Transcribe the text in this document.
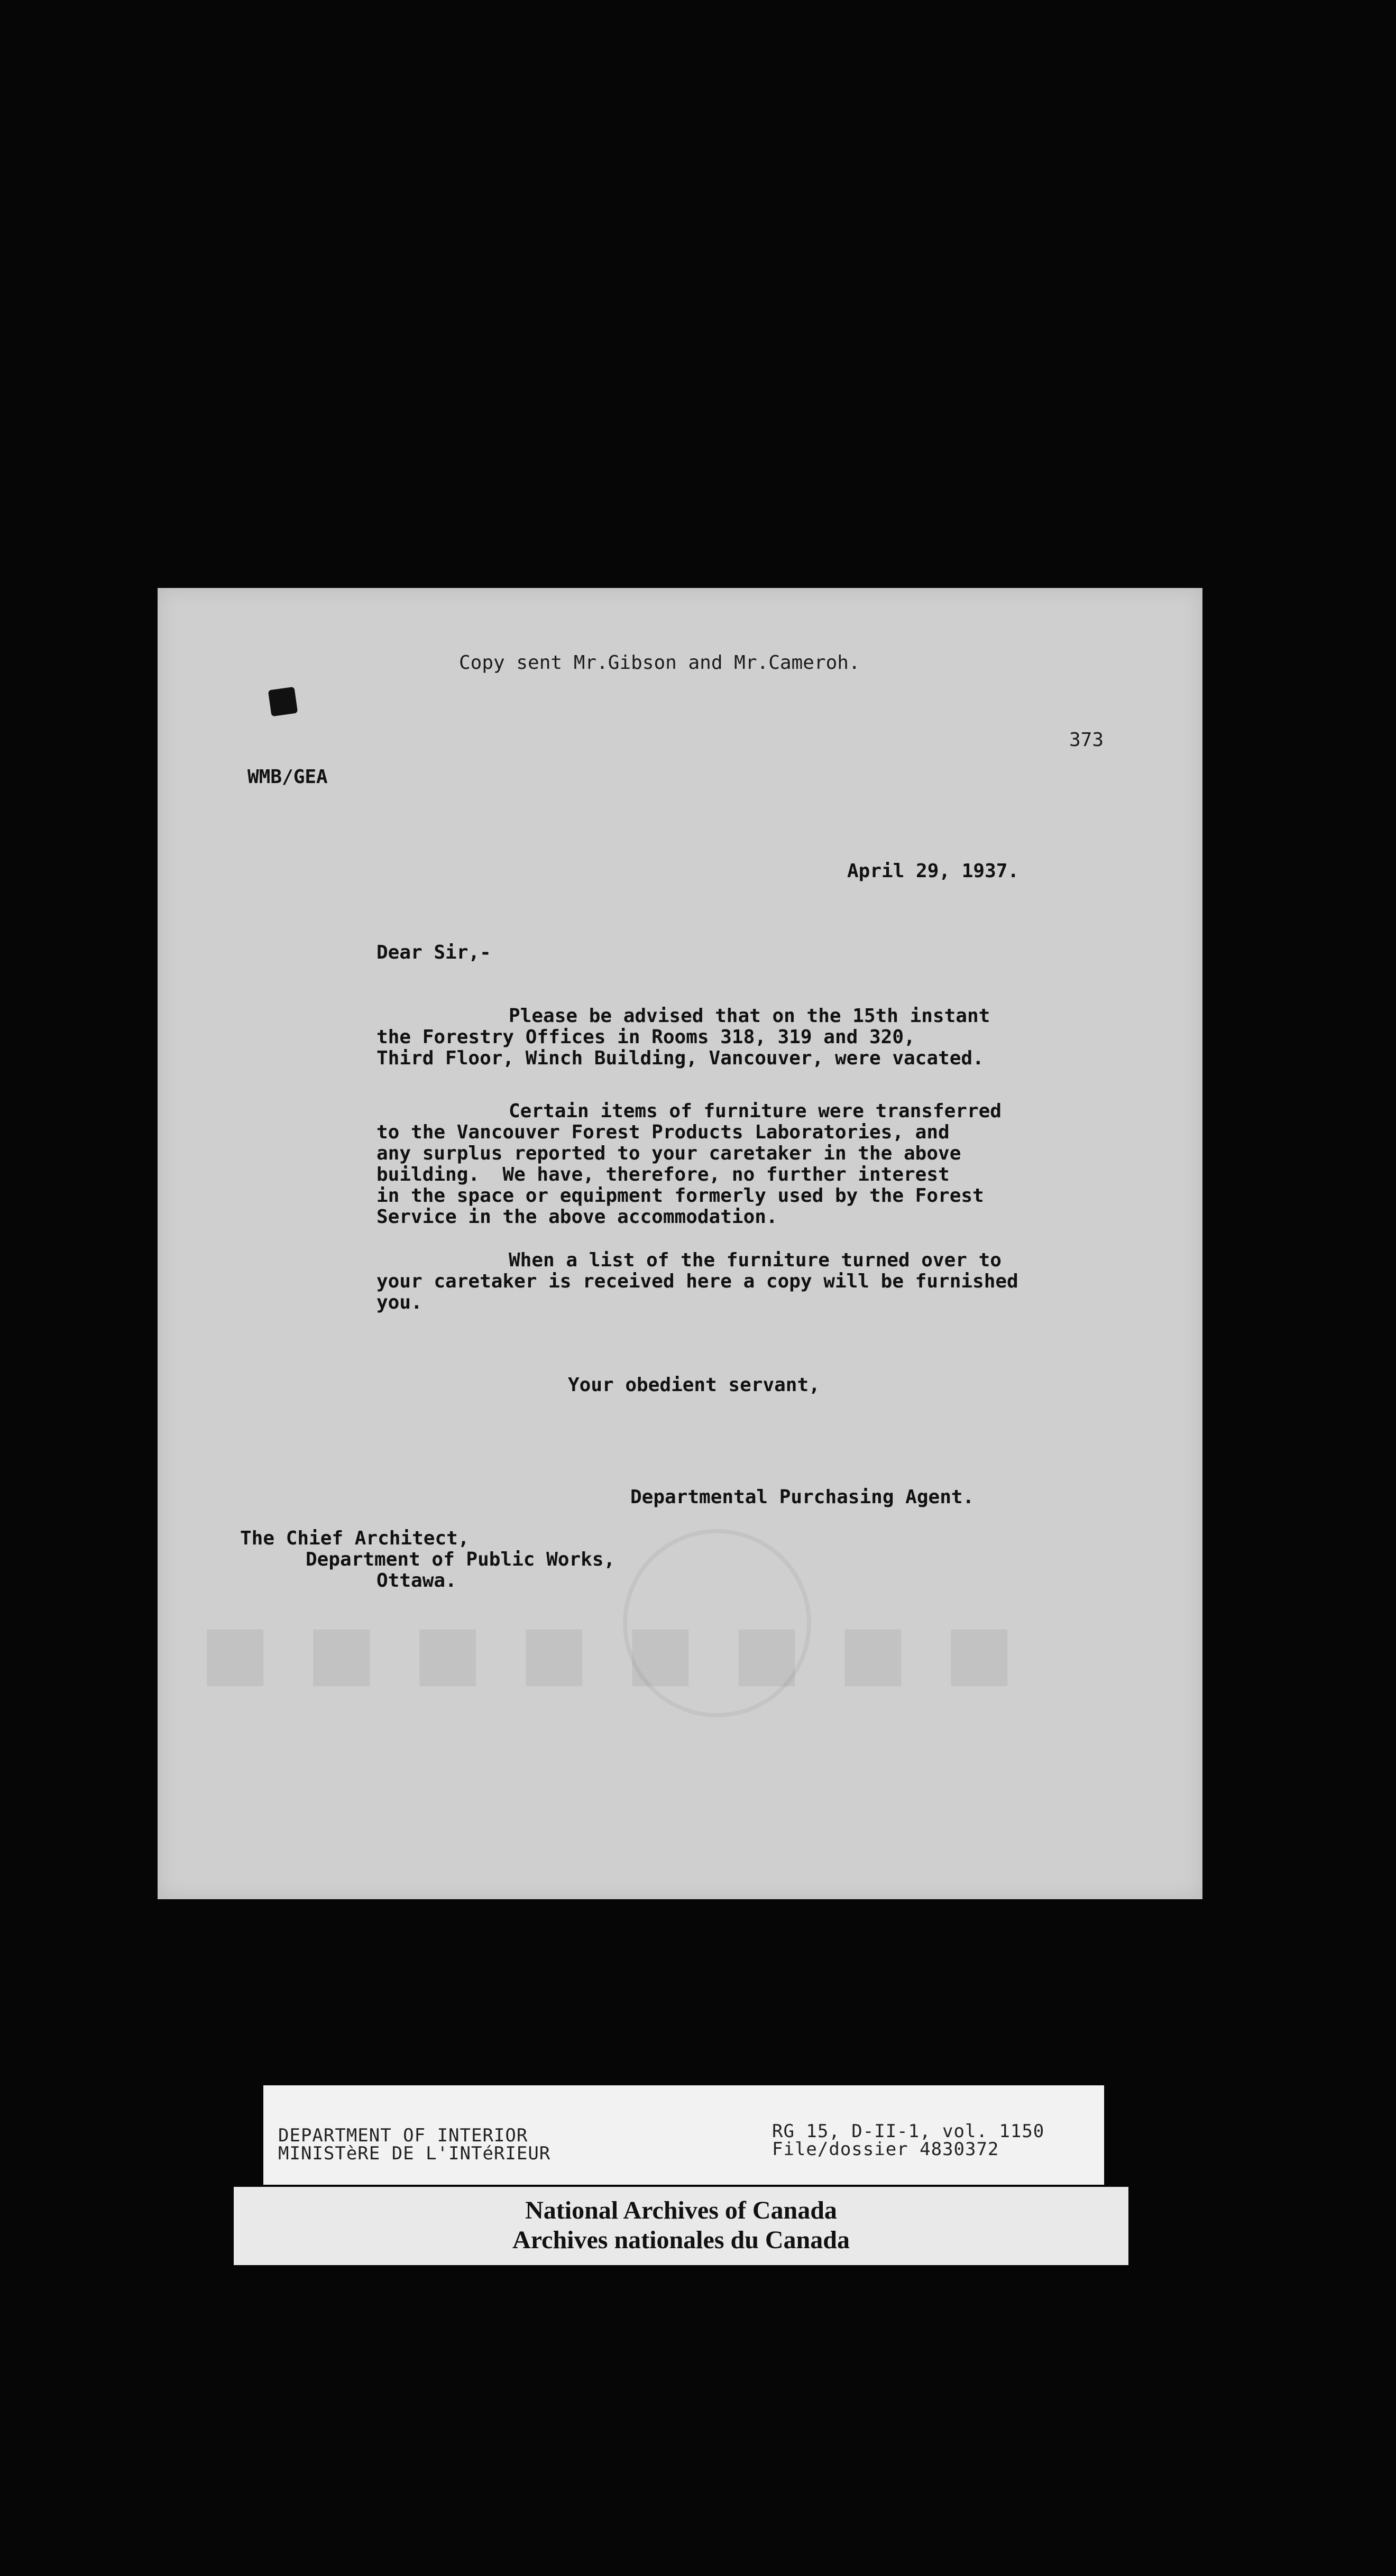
Copy sent Mr.Gibson and Mr.Cameroh.
373
WMB/GEA
April 29, 1937.
Dear Sir,-
Please be advised that on the 15th instant
the Forestry Offices in Rooms 318, 319 and 320,
Third Floor, Winch Building, Vancouver, were vacated.
Certain items of furniture were transferred
to the Vancouver Forest Products Laboratories, and
any surplus reported to your caretaker in the above
building.  We have, therefore, no further interest
in the space or equipment formerly used by the Forest
Service in the above accommodation.
When a list of the furniture turned over to
your caretaker is received here a copy will be furnished
you.
Your obedient servant,
Departmental Purchasing Agent.
The Chief Architect,
Department of Public Works,
Ottawa.
■ ■ ■ ■ ■ ■ ■ ■
DEPARTMENT OF INTERIOR
MINISTèRE DE L'INTéRIEUR
RG 15, D-II-1, vol. 1150
File/dossier 4830372
National Archives of Canada
Archives nationales du Canada
